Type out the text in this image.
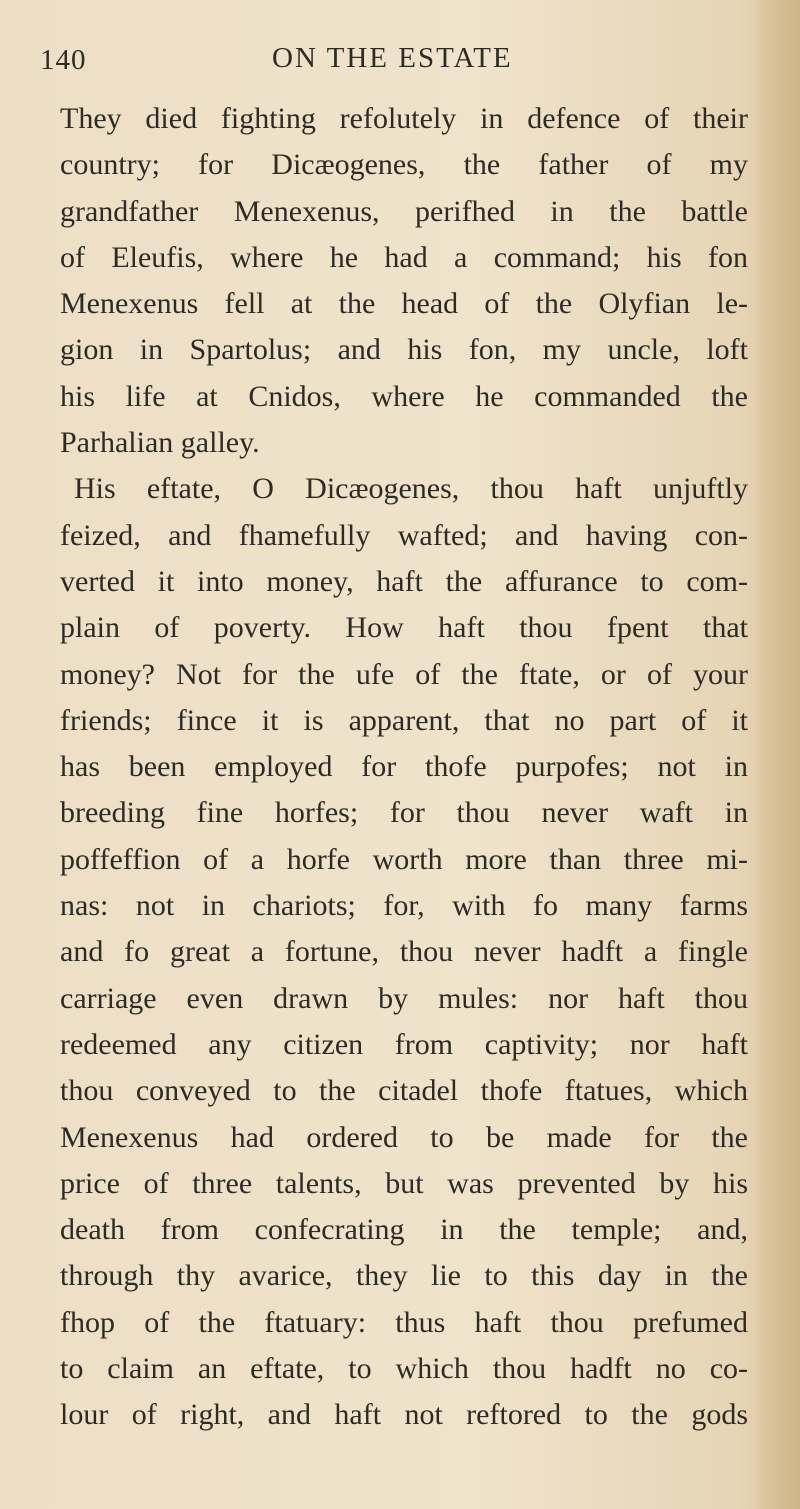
140	ON THE ESTATE
They died fighting refolutely in defence of their
country; for Dicæogenes, the father of my
grandfather Menexenus, perifhed in the battle
of Eleufis, where he had a command; his fon
Menexenus fell at the head of the Olyfian le-
gion in Spartolus; and his fon, my uncle, loft
his life at Cnidos, where he commanded the
Parhalian galley.
His eftate, O Dicæogenes, thou haft unjuftly
feized, and fhamefully wafted; and having con-
verted it into money, haft the affurance to com-
plain of poverty. How haft thou fpent that
money? Not for the ufe of the ftate, or of your
friends; fince it is apparent, that no part of it
has been employed for thofe purpofes; not in
breeding fine horfes; for thou never waft in
poffeffion of a horfe worth more than three mi-
nas: not in chariots; for, with fo many farms
and fo great a fortune, thou never hadft a fingle
carriage even drawn by mules: nor haft thou
redeemed any citizen from captivity; nor haft
thou conveyed to the citadel thofe ftatues, which
Menexenus had ordered to be made for the
price of three talents, but was prevented by his
death from confecrating in the temple; and,
through thy avarice, they lie to this day in the
fhop of the ftatuary: thus haft thou prefumed
to claim an eftate, to which thou hadft no co-
lour of right, and haft not reftored to the gods
